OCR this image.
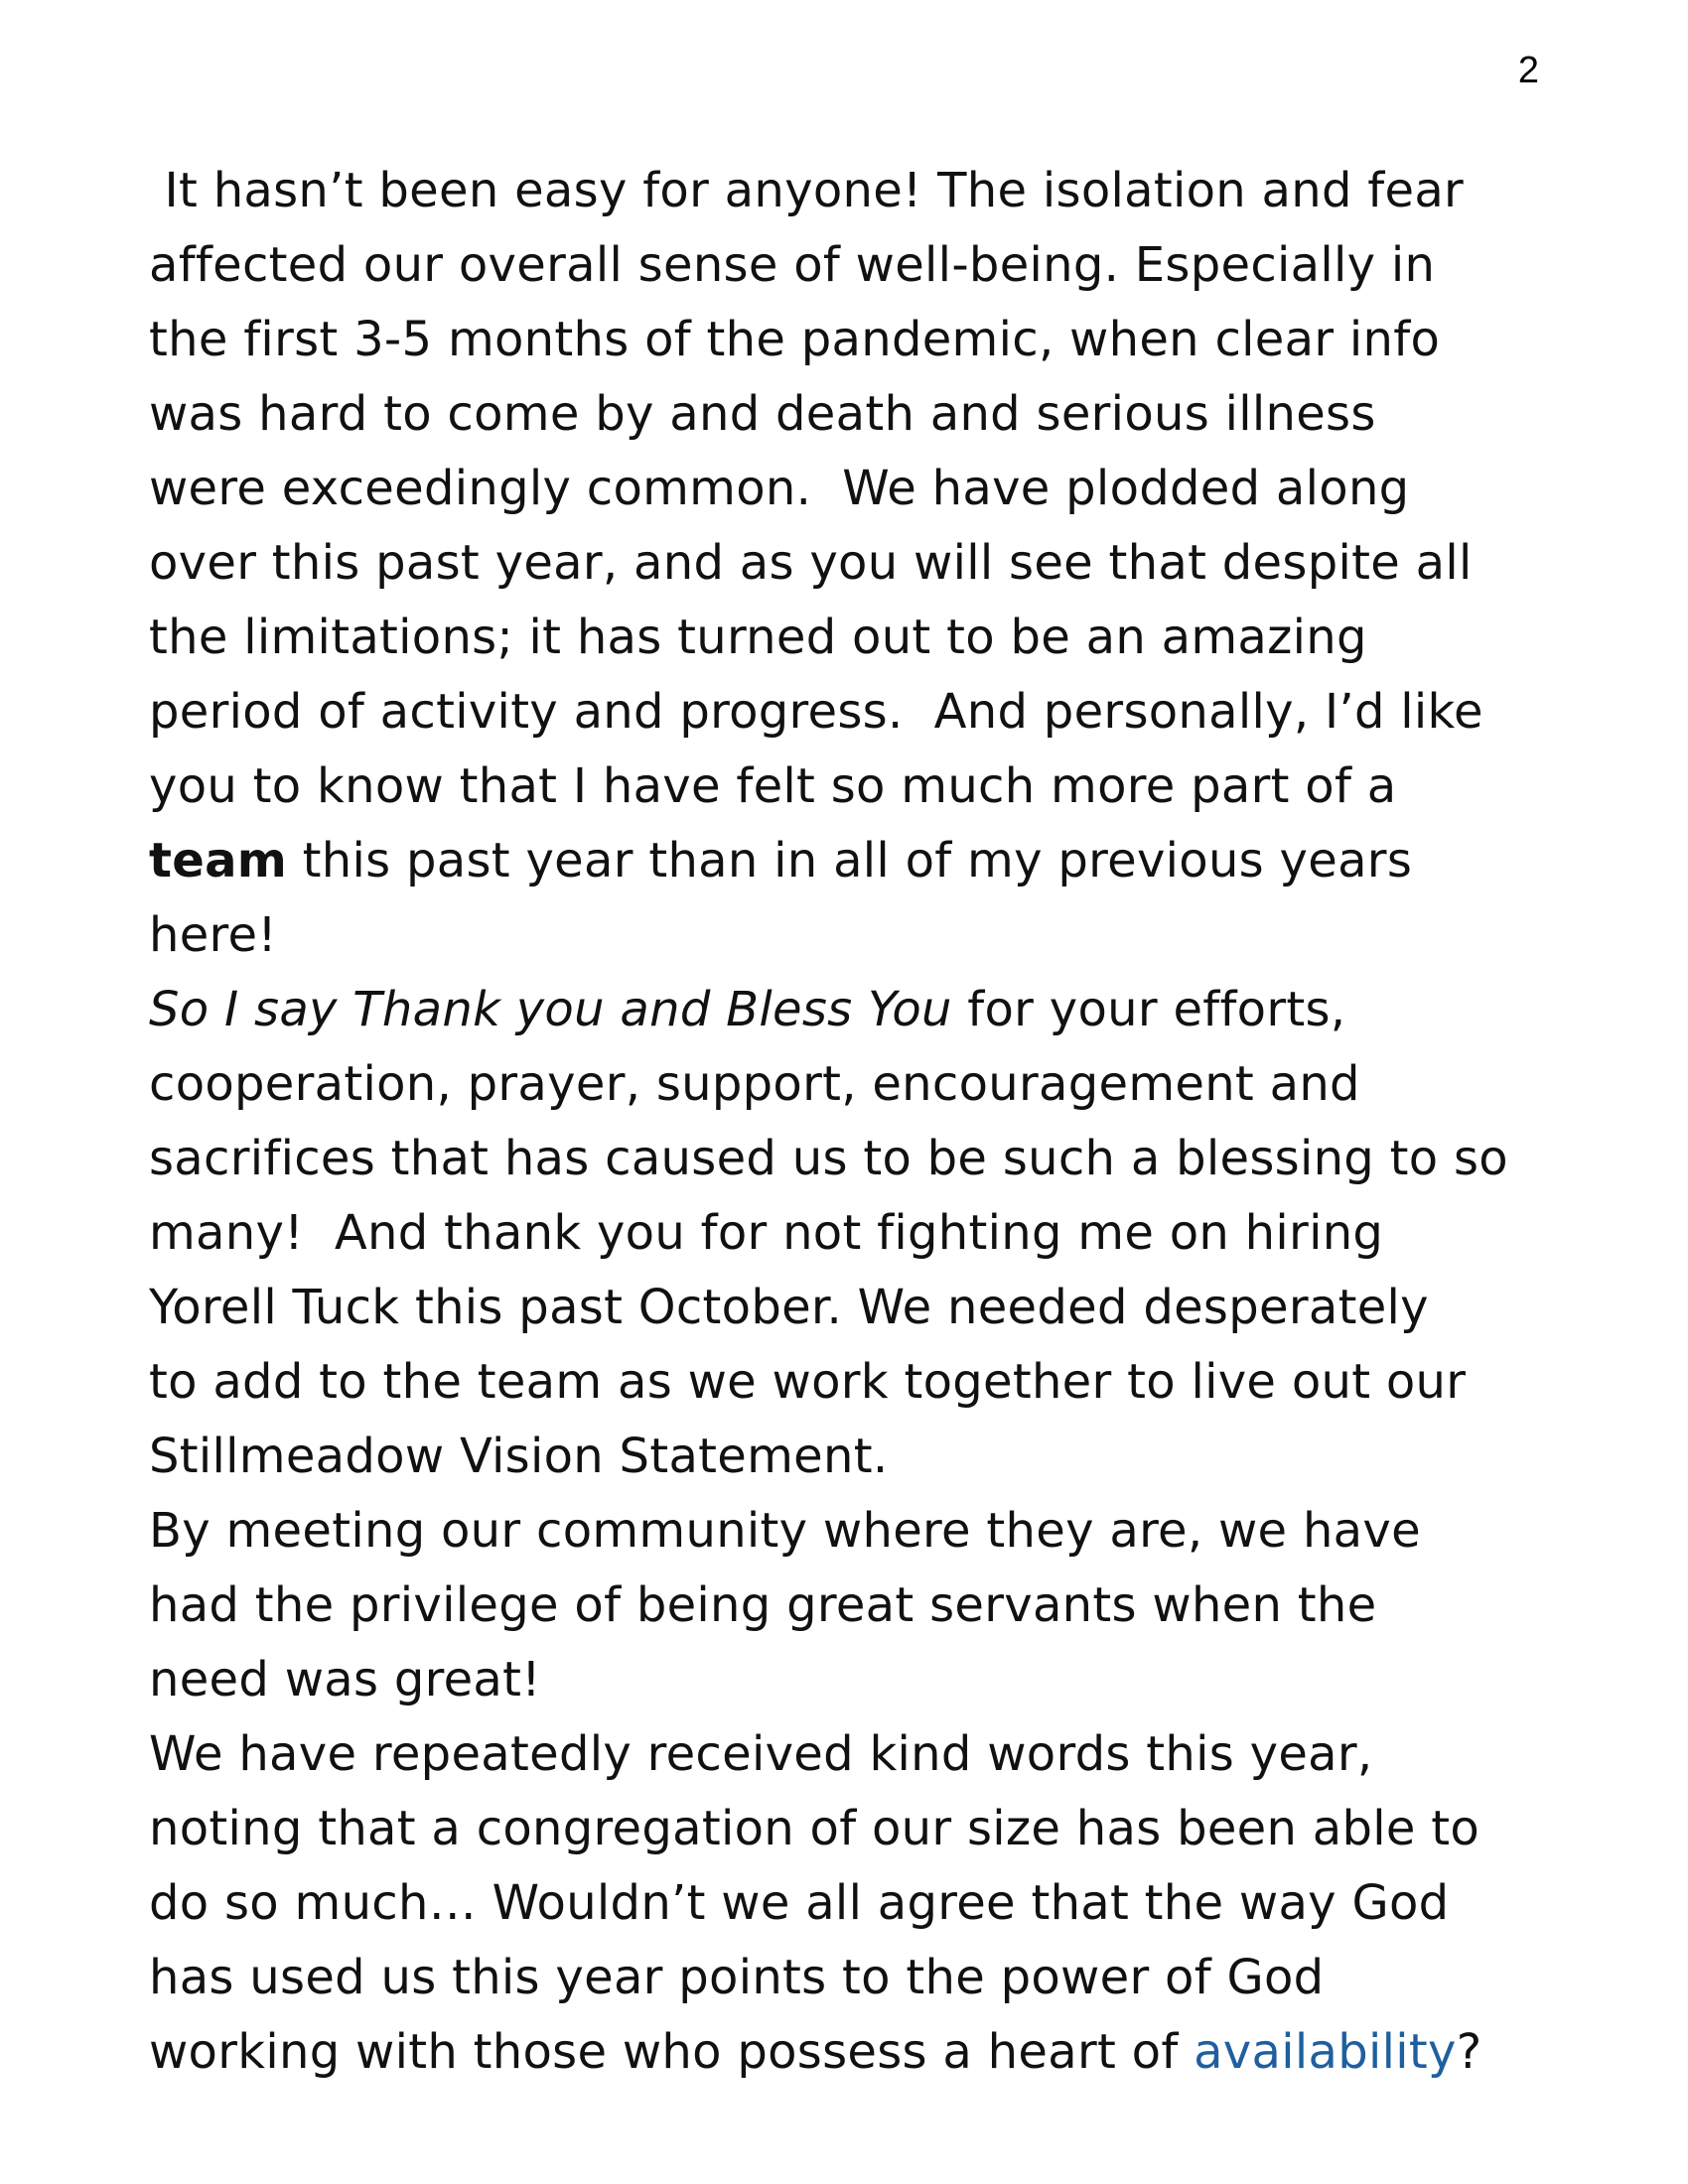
2
It hasn’t been easy for anyone! The isolation and fear
affected our overall sense of well-being. Especially in
the first 3-5 months of the pandemic, when clear info
was hard to come by and death and serious illness
were exceedingly common.  We have plodded along
over this past year, and as you will see that despite all
the limitations; it has turned out to be an amazing
period of activity and progress.  And personally, I’d like
you to know that I have felt so much more part of a
team this past year than in all of my previous years
here!
So I say Thank you and Bless You for your efforts,
cooperation, prayer, support, encouragement and
sacrifices that has caused us to be such a blessing to so
many!  And thank you for not fighting me on hiring
Yorell Tuck this past October. We needed desperately
to add to the team as we work together to live out our
Stillmeadow Vision Statement.
By meeting our community where they are, we have
had the privilege of being great servants when the
need was great!
We have repeatedly received kind words this year,
noting that a congregation of our size has been able to
do so much… Wouldn’t we all agree that the way God
has used us this year points to the power of God
working with those who possess a heart of availability?
